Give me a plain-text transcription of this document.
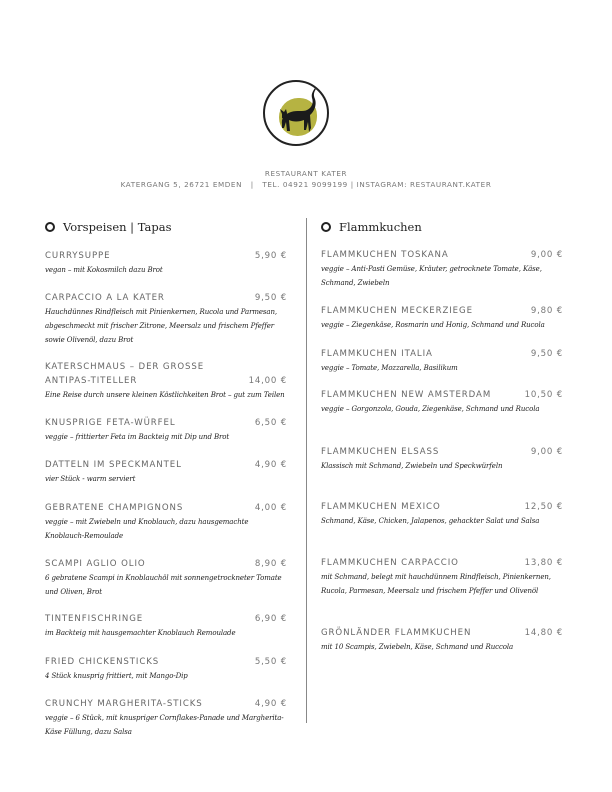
RESTAURANT KATER
KATERGANG 5, 26721 EMDEN   |   TEL. 04921 9099199 | INSTAGRAM: RESTAURANT.KATER
Vorspeisen | Tapas
CURRYSUPPE	5,90 €
vegan – mit Kokosmilch dazu Brot
CARPACCIO A LA KATER	9,50 €
Hauchdünnes Rindfleisch mit Pinienkernen, Rucola und Parmesan, abgeschmeckt mit frischer Zitrone, Meersalz und frischem Pfeffer sowie Olivenöl, dazu Brot
KATERSCHMAUS – DER GROSSE ANTIPAS-TITELLER	14,00 €
Eine Reise durch unsere kleinen Köstlichkeiten Brot – gut zum Teilen
KNUSPRIGE FETA-WÜRFEL	6,50 €
veggie – frittierter Feta im Backteig mit Dip und Brot
DATTELN IM SPECKMANTEL	4,90 €
vier Stück - warm serviert
GEBRATENE CHAMPIGNONS	4,00 €
veggie – mit Zwiebeln und Knoblauch, dazu hausgemachte Knoblauch-Remoulade
SCAMPI AGLIO OLIO	8,90 €
6 gebratene Scampi in Knoblauchöl mit sonnengetrockneter Tomate und Oliven, Brot
TINTENFISCHRINGE	6,90 €
im Backteig mit hausgemachter Knoblauch Remoulade
FRIED CHICKENSTICKS	5,50 €
4 Stück knusprig frittiert, mit Mango-Dip
CRUNCHY MARGHERITA-STICKS	4,90 €
veggie – 6 Stück, mit knuspriger Cornflakes-Panade und Margherita-Käse Füllung, dazu Salsa
Flammkuchen
FLAMMKUCHEN TOSKANA	9,00 €
veggie – Anti-Pasti Gemüse, Kräuter, getrocknete Tomate, Käse, Schmand, Zwiebeln
FLAMMKUCHEN MECKERZIEGE	9,80 €
veggie – Ziegenkäse, Rosmarin und Honig, Schmand und Rucola
FLAMMKUCHEN ITALIA	9,50 €
veggie – Tomate, Mozzarella, Basilikum
FLAMMKUCHEN NEW AMSTERDAM	10,50 €
veggie – Gorgonzola, Gouda, Ziegenkäse, Schmand und Rucola
FLAMMKUCHEN ELSASS	9,00 €
Klassisch mit Schmand, Zwiebeln und Speckwürfeln
FLAMMKUCHEN MEXICO	12,50 €
Schmand, Käse, Chicken, Jalapenos, gehackter Salat und Salsa
FLAMMKUCHEN CARPACCIO	13,80 €
mit Schmand, belegt mit hauchdünnem Rindfleisch, Pinienkernen, Rucola, Parmesan, Meersalz und frischem Pfeffer und Olivenöl
GRÖNLÄNDER FLAMMKUCHEN	14,80 €
mit 10 Scampis, Zwiebeln, Käse, Schmand und Ruccola
